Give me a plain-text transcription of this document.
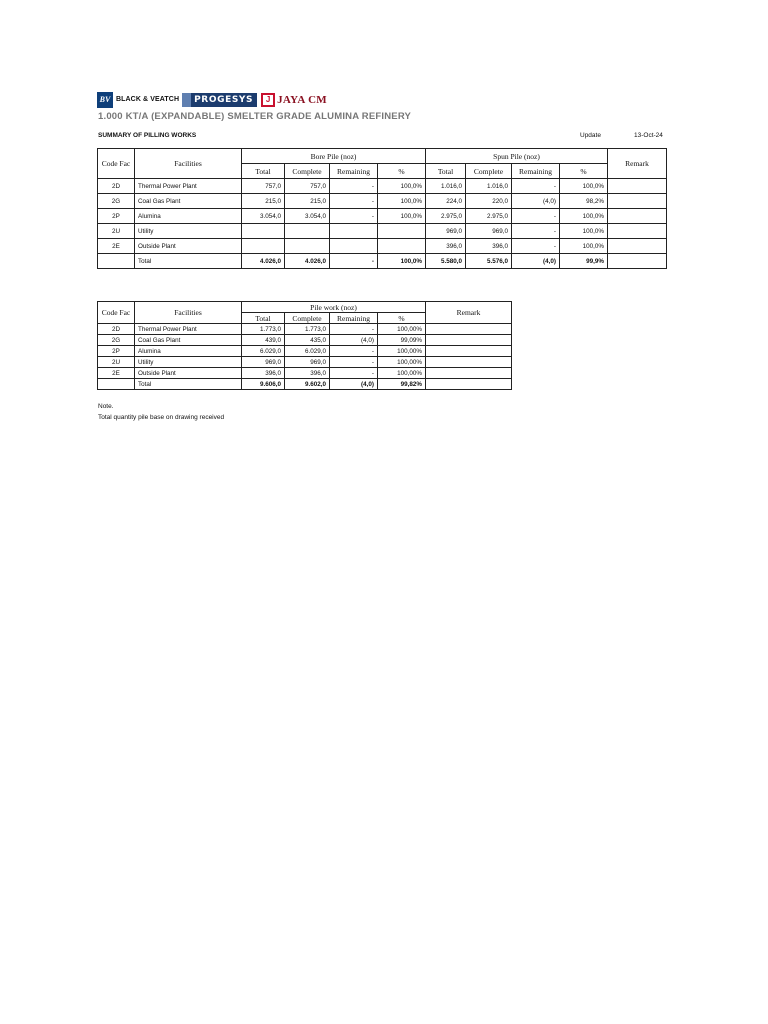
BV BLACK & VEATCH PROGESYS	J JAYA CM
1.000 KT/A (EXPANDABLE) SMELTER GRADE ALUMINA REFINERY
SUMMARY OF PILLING WORKS	Update	13-Oct-24
Code Fac	Facilities	Bore Pile (noz)				Spun Pile (noz)				Remark
		Total	Complete	Remaining	%	Total	Complete	Remaining	%	
2D	Thermal Power Plant	757,0	757,0	-	100,0%	1.016,0	1.016,0	-	100,0%	
2G	Coal Gas Plant	215,0	215,0	-	100,0%	224,0	220,0	(4,0)	98,2%	
2P	Alumina	3.054,0	3.054,0	-	100,0%	2.975,0	2.975,0	-	100,0%	
2U	Utility					969,0	969,0	-	100,0%	
2E	Outside Plant					396,0	396,0	-	100,0%	
	Total	4.026,0	4.026,0	-	100,0%	5.580,0	5.576,0	(4,0)	99,9%	
Code Fac	Facilities	Pile work (noz)				Remark
		Total	Complete	Remaining	%	
2D	Thermal Power Plant	1.773,0	1.773,0	-	100,00%	
2G	Coal Gas Plant	439,0	435,0	(4,0)	99,09%	
2P	Alumina	6.029,0	6.029,0	-	100,00%	
2U	Utility	969,0	969,0	-	100,00%	
2E	Outside Plant	396,0	396,0	-	100,00%	
	Total	9.606,0	9.602,0	(4,0)	99,82%	
Note.
Total quantity pile base on drawing received
